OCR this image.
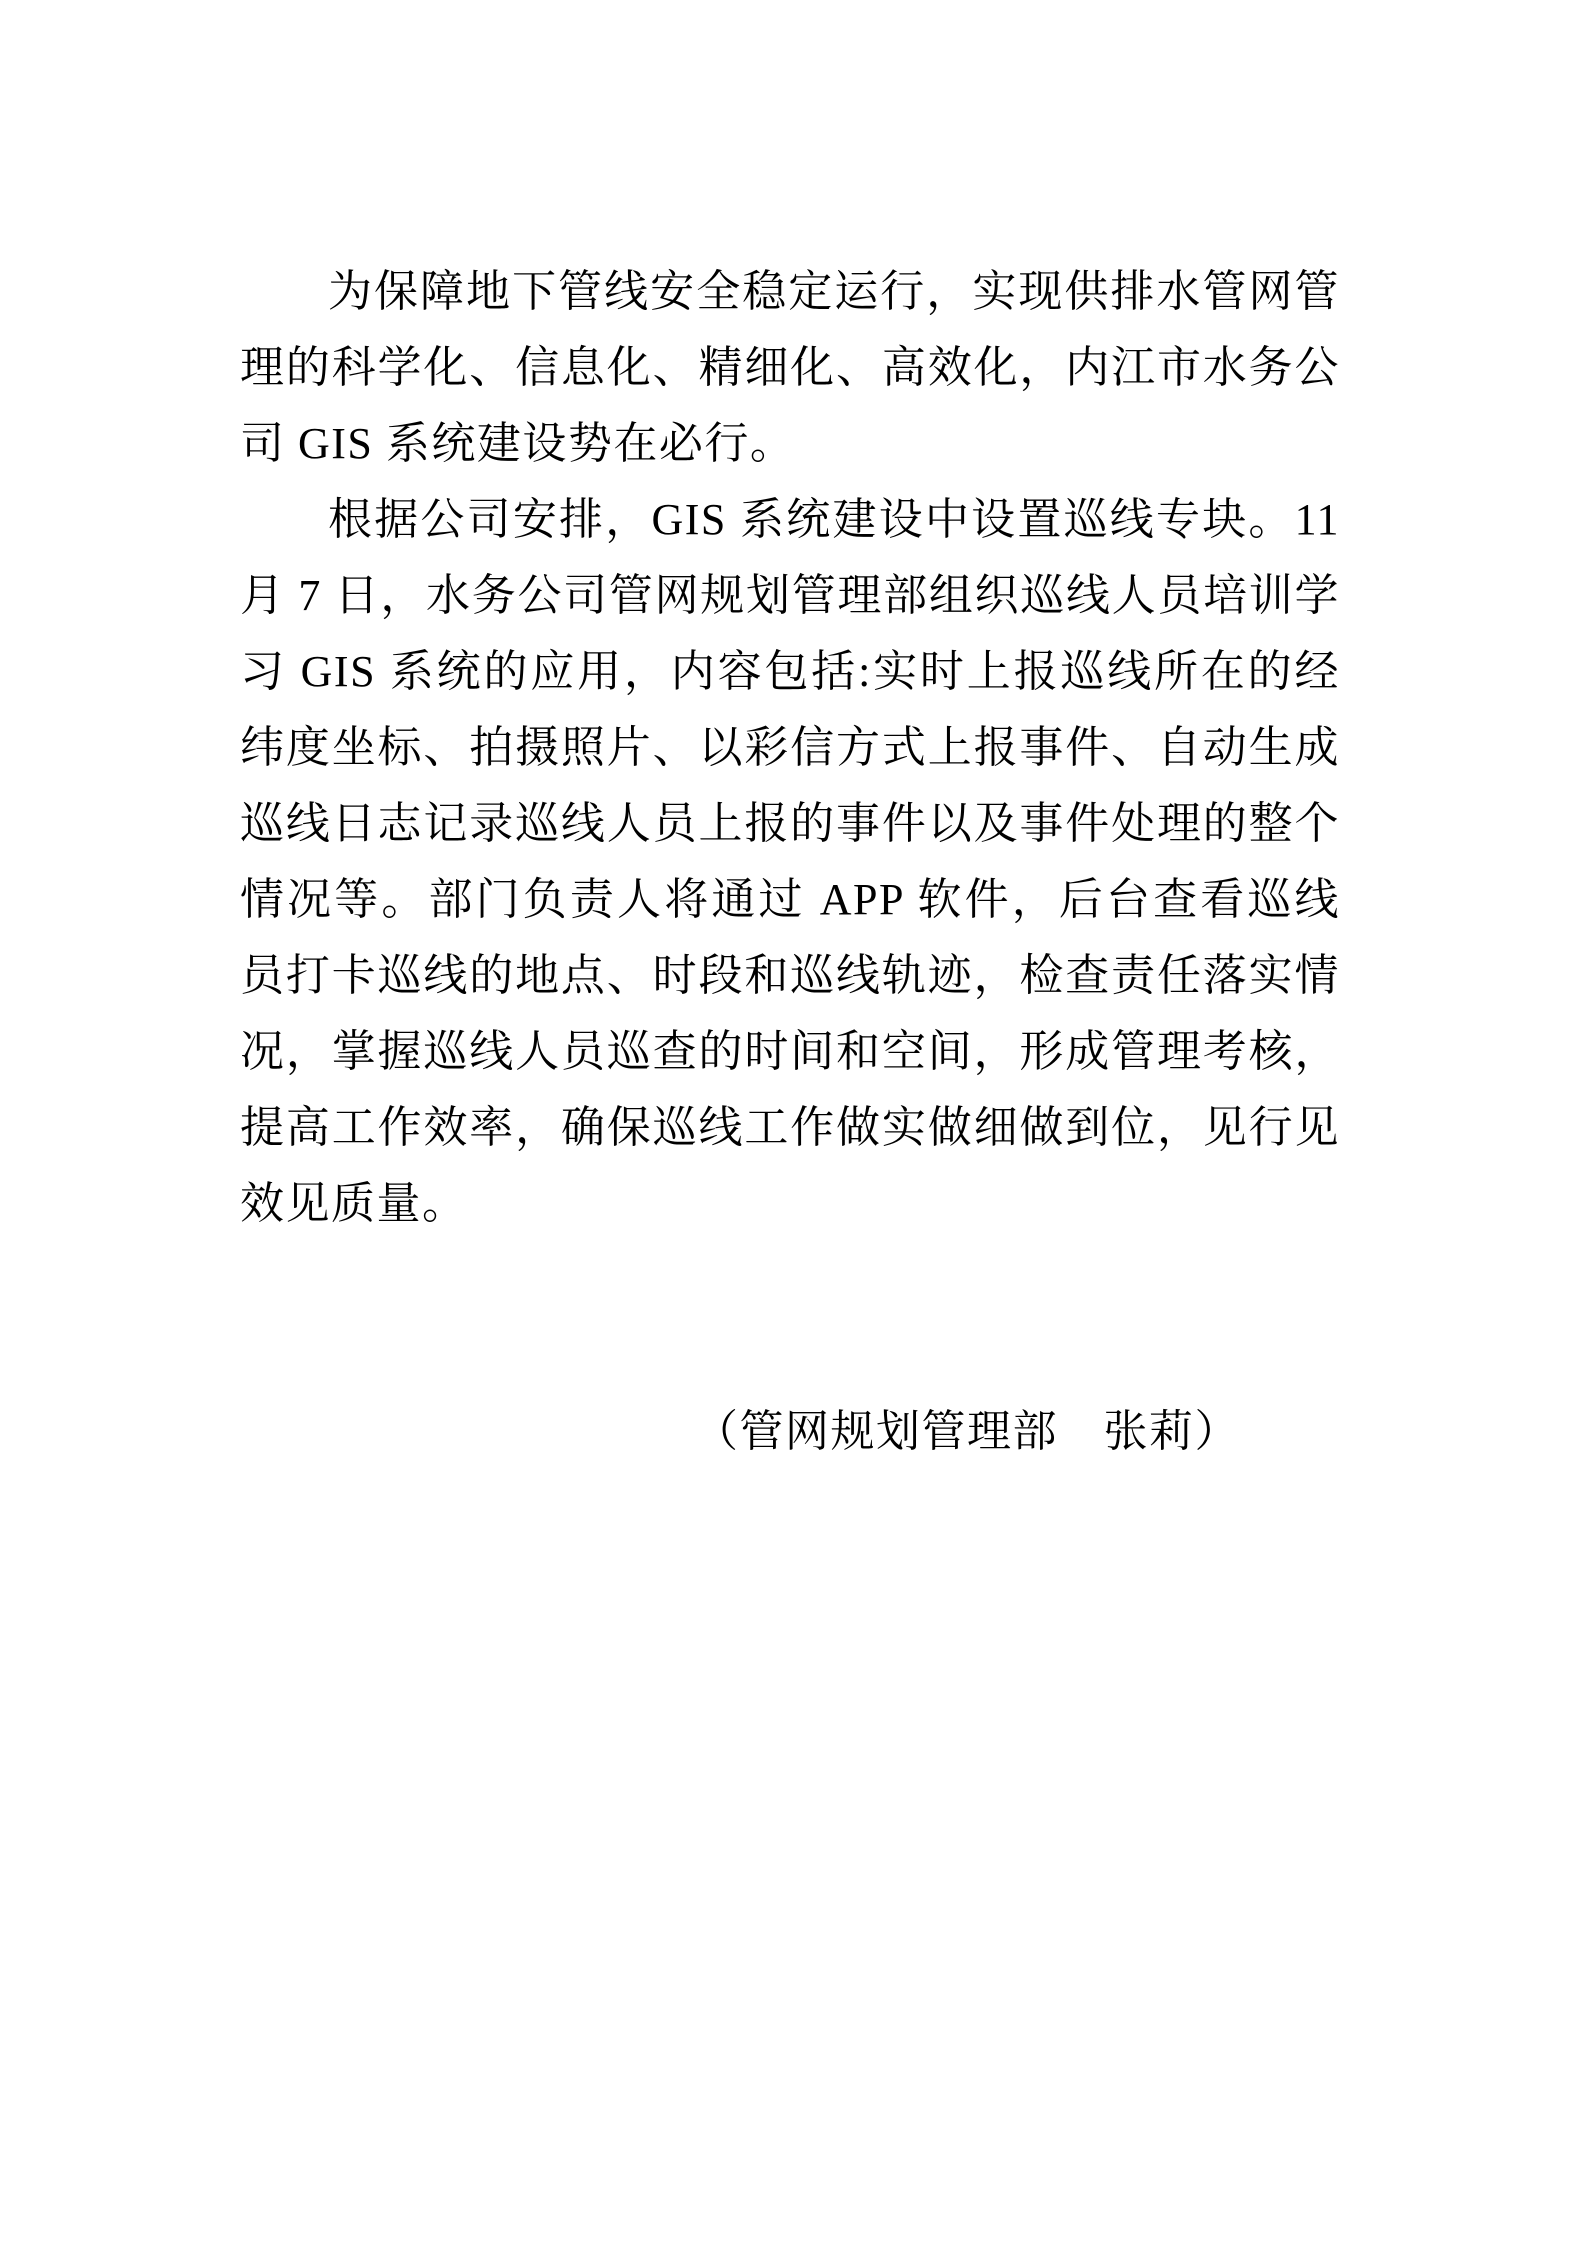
为保障地下管线安全稳定运行，实现供排水管网管理的科学化、信息化、精细化、高效化，内江市水务公司 GIS 系统建设势在必行。

根据公司安排，GIS 系统建设中设置巡线专块。11 月 7 日，水务公司管网规划管理部组织巡线人员培训学习 GIS 系统的应用，内容包括:实时上报巡线所在的经纬度坐标、拍摄照片、以彩信方式上报事件、自动生成巡线日志记录巡线人员上报的事件以及事件处理的整个情况等。部门负责人将通过 APP 软件，后台查看巡线员打卡巡线的地点、时段和巡线轨迹，检查责任落实情况，掌握巡线人员巡查的时间和空间，形成管理考核，提高工作效率，确保巡线工作做实做细做到位，见行见效见质量。

（管网规划管理部　张莉）
